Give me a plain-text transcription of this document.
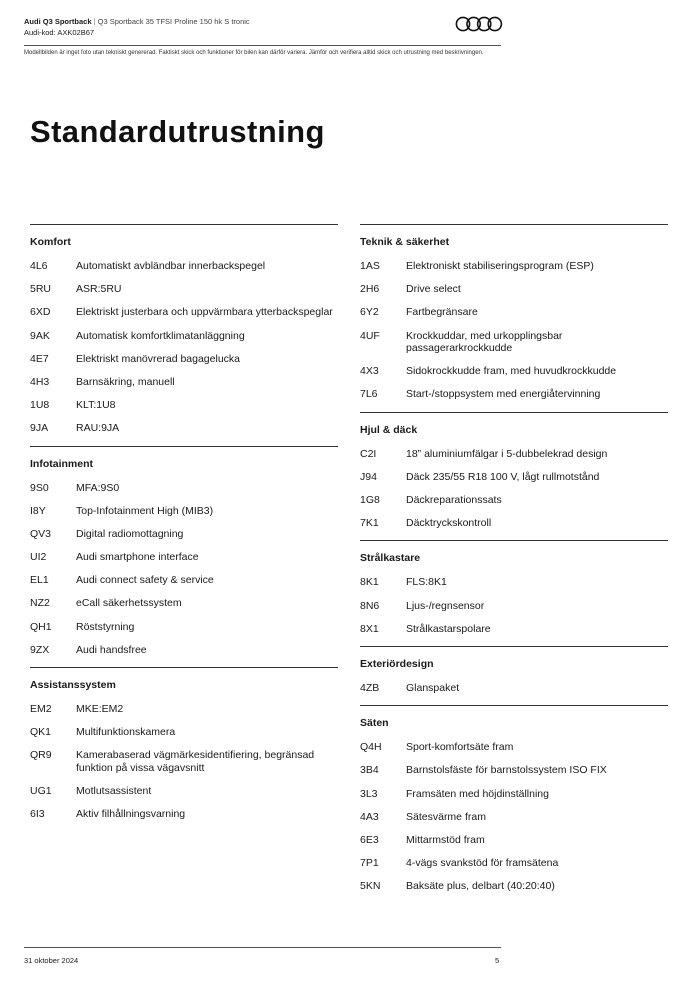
Audi Q3 Sportback | Q3 Sportback 35 TFSI Proline 150 hk S tronic
Audi-kod: AXK02B67
Modellbilden är inget foto utan tekniskt genererad. Faktiskt skick och funktioner för bilen kan därför variera. Jämför och verifiera alltid skick och utrustning med beskrivningen.
Standardutrustning
Komfort
4L6	Automatiskt avbländbar innerbackspegel
5RU	ASR:5RU
6XD	Elektriskt justerbara och uppvärmbara ytterbackspeglar
9AK	Automatisk komfortklimatanläggning
4E7	Elektriskt manövrerad bagagelucka
4H3	Barnsäkring, manuell
1U8	KLT:1U8
9JA	RAU:9JA
Infotainment
9S0	MFA:9S0
I8Y	Top-Infotainment High (MIB3)
QV3	Digital radiomottagning
UI2	Audi smartphone interface
EL1	Audi connect safety & service
NZ2	eCall säkerhetssystem
QH1	Röststyrning
9ZX	Audi handsfree
Assistanssystem
EM2	MKE:EM2
QK1	Multifunktionskamera
QR9	Kamerabaserad vägmärkesidentifiering, begränsad funktion på vissa vägavsnitt
UG1	Motlutsassistent
6I3	Aktiv filhållningsvarning
Teknik & säkerhet
1AS	Elektroniskt stabiliseringsprogram (ESP)
2H6	Drive select
6Y2	Fartbegränsare
4UF	Krockkuddar, med urkopplingsbar passagerarkrockkudde
4X3	Sidokrockkudde fram, med huvudkrockkudde
7L6	Start-/stoppsystem med energiåtervinning
Hjul & däck
C2I	18” aluminiumfälgar i 5-dubbelekrad design
J94	Däck 235/55 R18 100 V, lågt rullmotstånd
1G8	Däckreparationssats
7K1	Däcktryckskontroll
Strålkastare
8K1	FLS:8K1
8N6	Ljus-/regnsensor
8X1	Strålkastarspolare
Exteriördesign
4ZB	Glanspaket
Säten
Q4H	Sport-komfortsäte fram
3B4	Barnstolsfäste för barnstolssystem ISO FIX
3L3	Framsäten med höjdinställning
4A3	Sätesvärme fram
6E3	Mittarmstöd fram
7P1	4-vägs svankstöd för framsätena
5KN	Baksäte plus, delbart (40:20:40)
31 oktober 2024	5
